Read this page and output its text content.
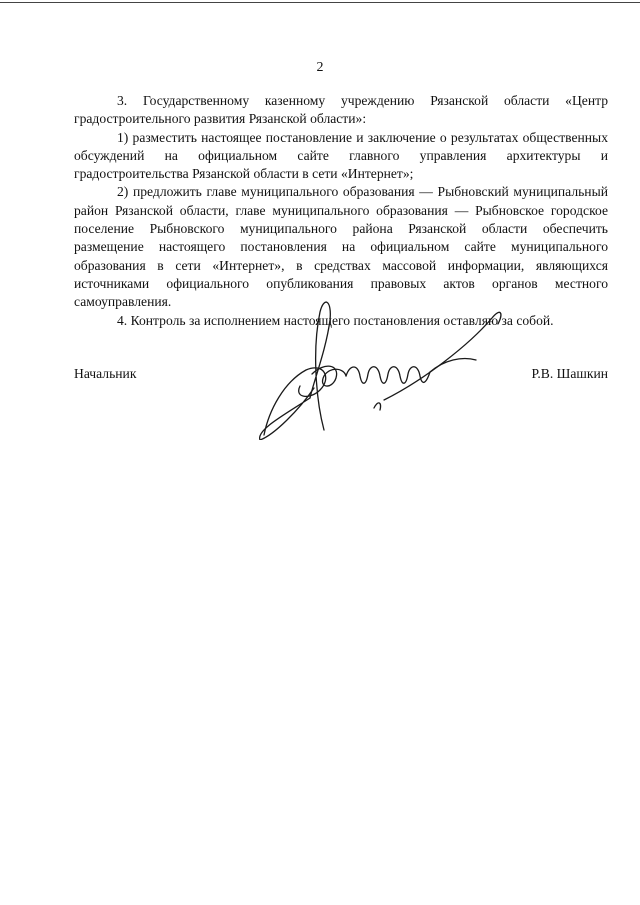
2

3. Государственному казенному учреждению Рязанской области «Центр градостроительного развития Рязанской области»:

1) разместить настоящее постановление и заключение о результатах общественных обсуждений на официальном сайте главного управления архитектуры и градостроительства Рязанской области в сети «Интернет»;

2) предложить главе муниципального образования — Рыбновский муниципальный район Рязанской области, главе муниципального образования — Рыбновское городское поселение Рыбновского муниципального района Рязанской области обеспечить размещение настоящего постановления на официальном сайте муниципального образования в сети «Интернет», в средствах массовой информации, являющихся источниками официального опубликования правовых актов органов местного самоуправления.

4. Контроль за исполнением настоящего постановления оставляю за собой.

Начальник	Р.В. Шашкин
